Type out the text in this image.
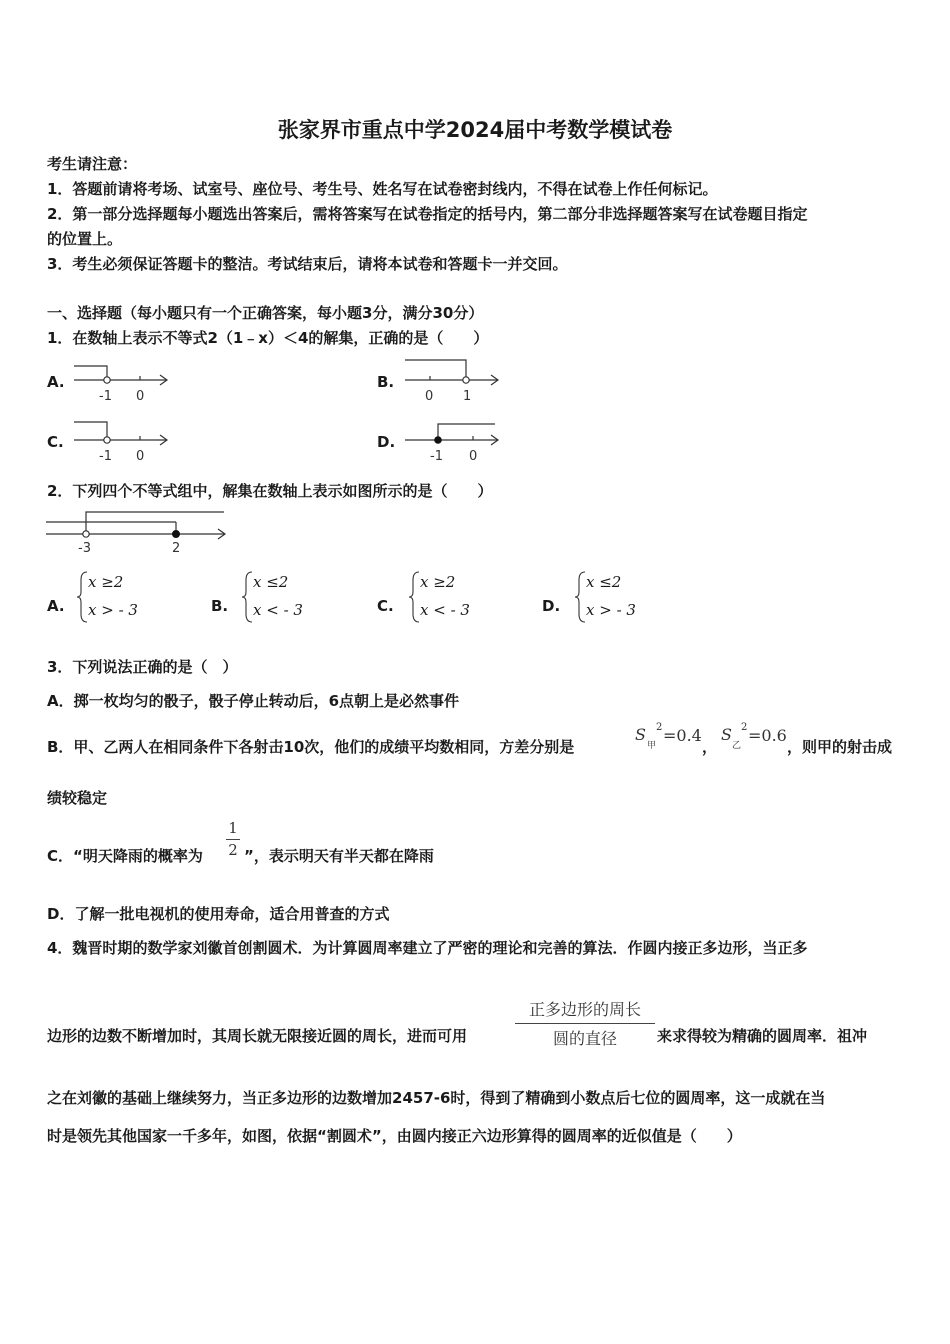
张家界市重点中学2024届中考数学模试卷
考生请注意：
1．答题前请将考场、试室号、座位号、考生号、姓名写在试卷密封线内，不得在试卷上作任何标记。
2．第一部分选择题每小题选出答案后，需将答案写在试卷指定的括号内，第二部分非选择题答案写在试卷题目指定
的位置上。
3．考生必须保证答题卡的整洁。考试结束后，请将本试卷和答题卡一并交回。
一、选择题（每小题只有一个正确答案，每小题3分，满分30分）
1．在数轴上表示不等式2（1﹣x）＜4的解集，正确的是（　　）
A.
-1 0
B.
0 1
C.
-1 0
D.
-1 0
2．下列四个不等式组中，解集在数轴上表示如图所示的是（　　）
-3	2
A.
x ≥2
x > - 3	B.
x ≤2
x < - 3	C.
x ≥2
x < - 3	D.
x ≤2
x > - 3
3．下列说法正确的是（　）
A．掷一枚均匀的骰子，骰子停止转动后，6点朝上是必然事件
B．甲、乙两人在相同条件下各射击10次，他们的成绩平均数相同，方差分别是
S
甲
2 =0.4
，
S
乙
2 =0.6
，则甲的射击成
绩较稳定
C．“明天降雨的概率为
1
2 ”，表示明天有半天都在降雨
D．了解一批电视机的使用寿命，适合用普查的方式
4．魏晋时期的数学家刘徽首创割圆术．为计算圆周率建立了严密的理论和完善的算法．作圆内接正多边形，当正多
边形的边数不断增加时，其周长就无限接近圆的周长，进而可用
正多边形的周长
圆的直径	来求得较为精确的圆周率．祖冲
之在刘徽的基础上继续努力，当正多边形的边数增加2457-6时，得到了精确到小数点后七位的圆周率，这一成就在当
时是领先其他国家一千多年，如图，依据“割圆术”，由圆内接正六边形算得的圆周率的近似值是（　　）
